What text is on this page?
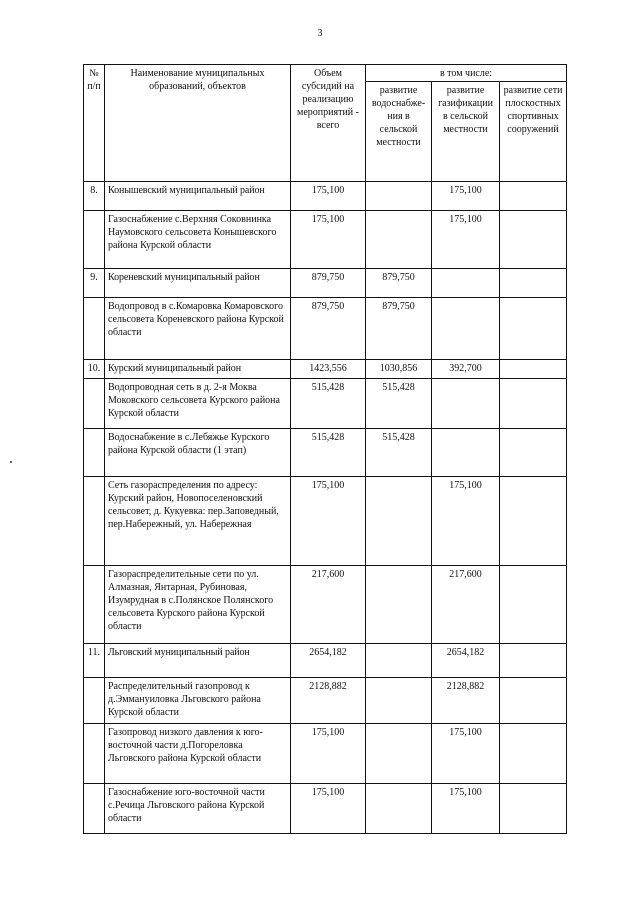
3
№ п/п	Наименование муниципальных образований, объектов	Объем субсидий на реализацию мероприятий - всего	в том числе:		
			развитие водоснабже-ния в сельской местности	развитие газификации в сельской местности	развитие сети плоскостных спортивных сооружений
8.	Конышевский муниципальный район	175,100		175,100	
	Газоснабжение с.Верхняя Соковнинка Наумовского сельсовета Конышевского района Курской области	175,100		175,100	
9.	Кореневский муниципальный район	879,750	879,750		
	Водопровод в с.Комаровка Комаровского сельсовета Кореневского района Курской области	879,750	879,750		
10.	Курский муниципальный район	1423,556	1030,856	392,700	
	Водопроводная сеть в д. 2-я Моква Моковского сельсовета Курского района Курской области	515,428	515,428		
	Водоснабжение в с.Лебяжье Курского района Курской области (1 этап)	515,428	515,428		
	Сеть газораспределения по адресу: Курский район, Новопоселеновский сельсовет, д. Кукуевка: пер.Заповедный, пер.Набережный, ул. Набережная	175,100		175,100	
	Газораспределительные сети по ул. Алмазная, Янтарная, Рубиновая, Изумрудная в с.Полянское Полянского сельсовета Курского района Курской области	217,600		217,600	
11.	Льговский муниципальный район	2654,182		2654,182	
	Распределительный газопровод к д.Эммануиловка Льговского района Курской области	2128,882		2128,882	
	Газопровод низкого давления к юго-восточной части д.Погореловка Льговского района Курской области	175,100		175,100	
	Газоснабжение юго-восточной части с.Речица Льговского района Курской области	175,100		175,100	
